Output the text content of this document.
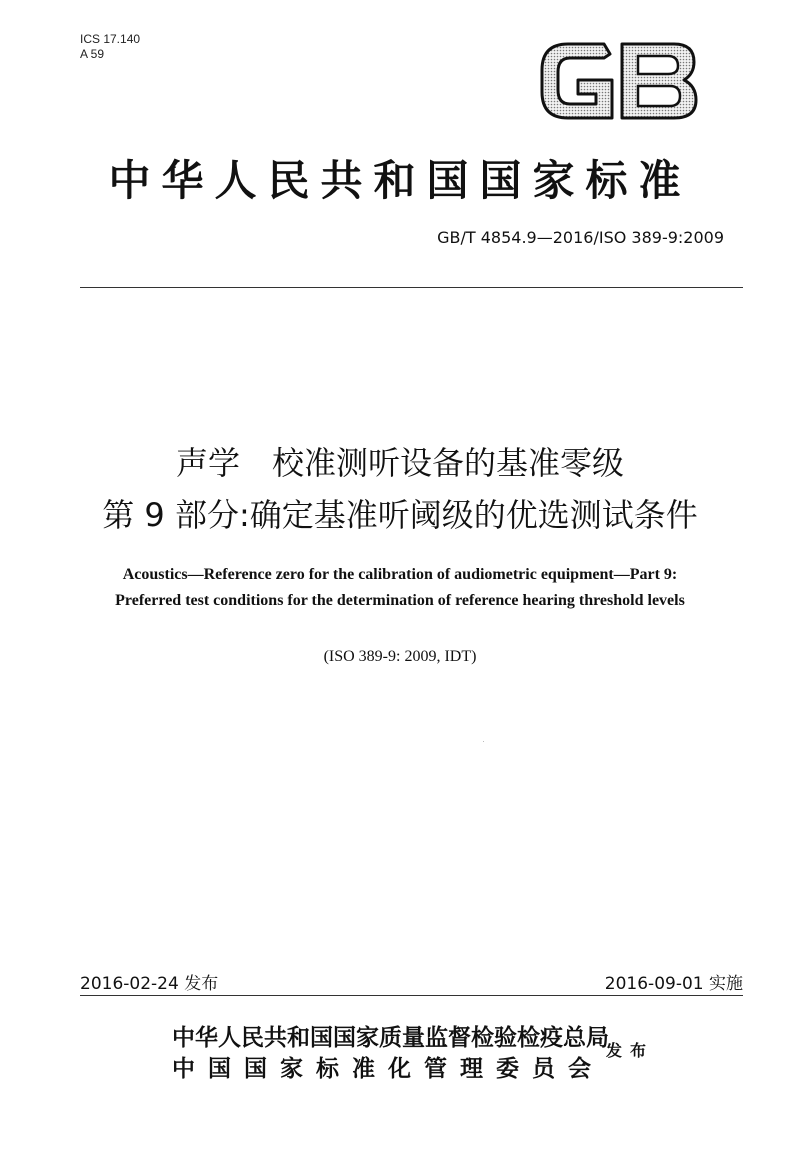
ICS 17.140
A 59
中华人民共和国国家标准
GB/T 4854.9—2016/ISO 389-9:2009
声学　校准测听设备的基准零级
第 9 部分:确定基准听阈级的优选测试条件
Acoustics—Reference zero for the calibration of audiometric equipment—Part 9:
Preferred test conditions for the determination of reference hearing threshold levels
(ISO 389-9: 2009, IDT)
2016-02-24 发布	2016-09-01 实施
中华人民共和国国家质量监督检验检疫总局
中国国家标准化管理委员会
发布
